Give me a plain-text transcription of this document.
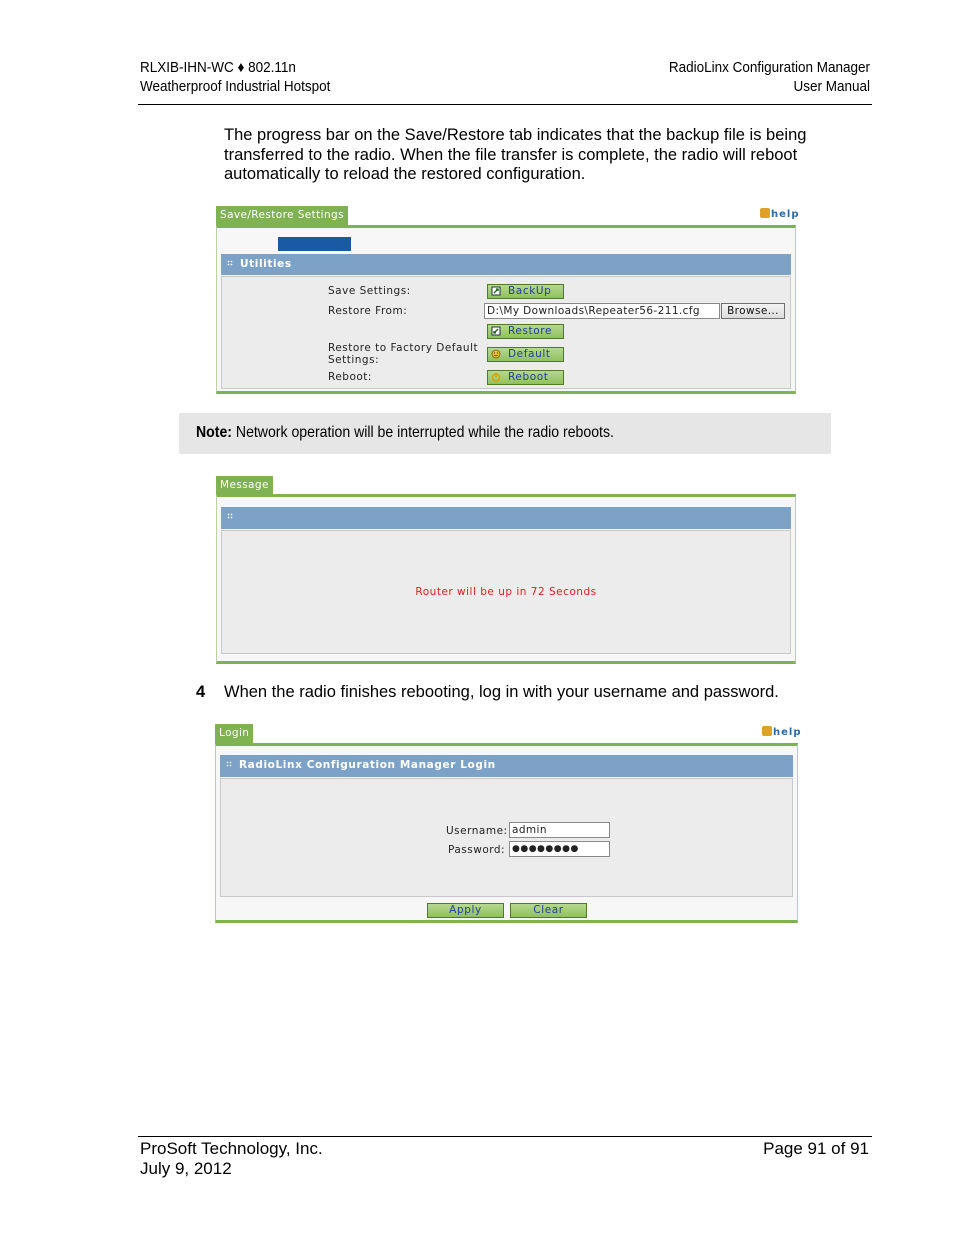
RLXIB-IHN-WC ♦ 802.11n
Weatherproof Industrial Hotspot
RadioLinx Configuration Manager
User Manual
The progress bar on the Save/Restore tab indicates that the backup file is being transferred to the radio. When the file transfer is complete, the radio will reboot automatically to reload the restored configuration.
Save/Restore Settings	help
Utilities
Save Settings:	BackUp
Restore From:	D:\My Downloads\Repeater56-211.cfg	Browse...
Restore
Restore to Factory Default Settings:	Default
Reboot:	Reboot
Note: Network operation will be interrupted while the radio reboots.
Message
Router will be up in 72 Seconds
4 When the radio finishes rebooting, log in with your username and password.
Login	help
RadioLinx Configuration Manager Login
Username: admin
Password: ●●●●●●●●
Apply	Clear
ProSoft Technology, Inc.
July 9, 2012
Page 91 of 91
